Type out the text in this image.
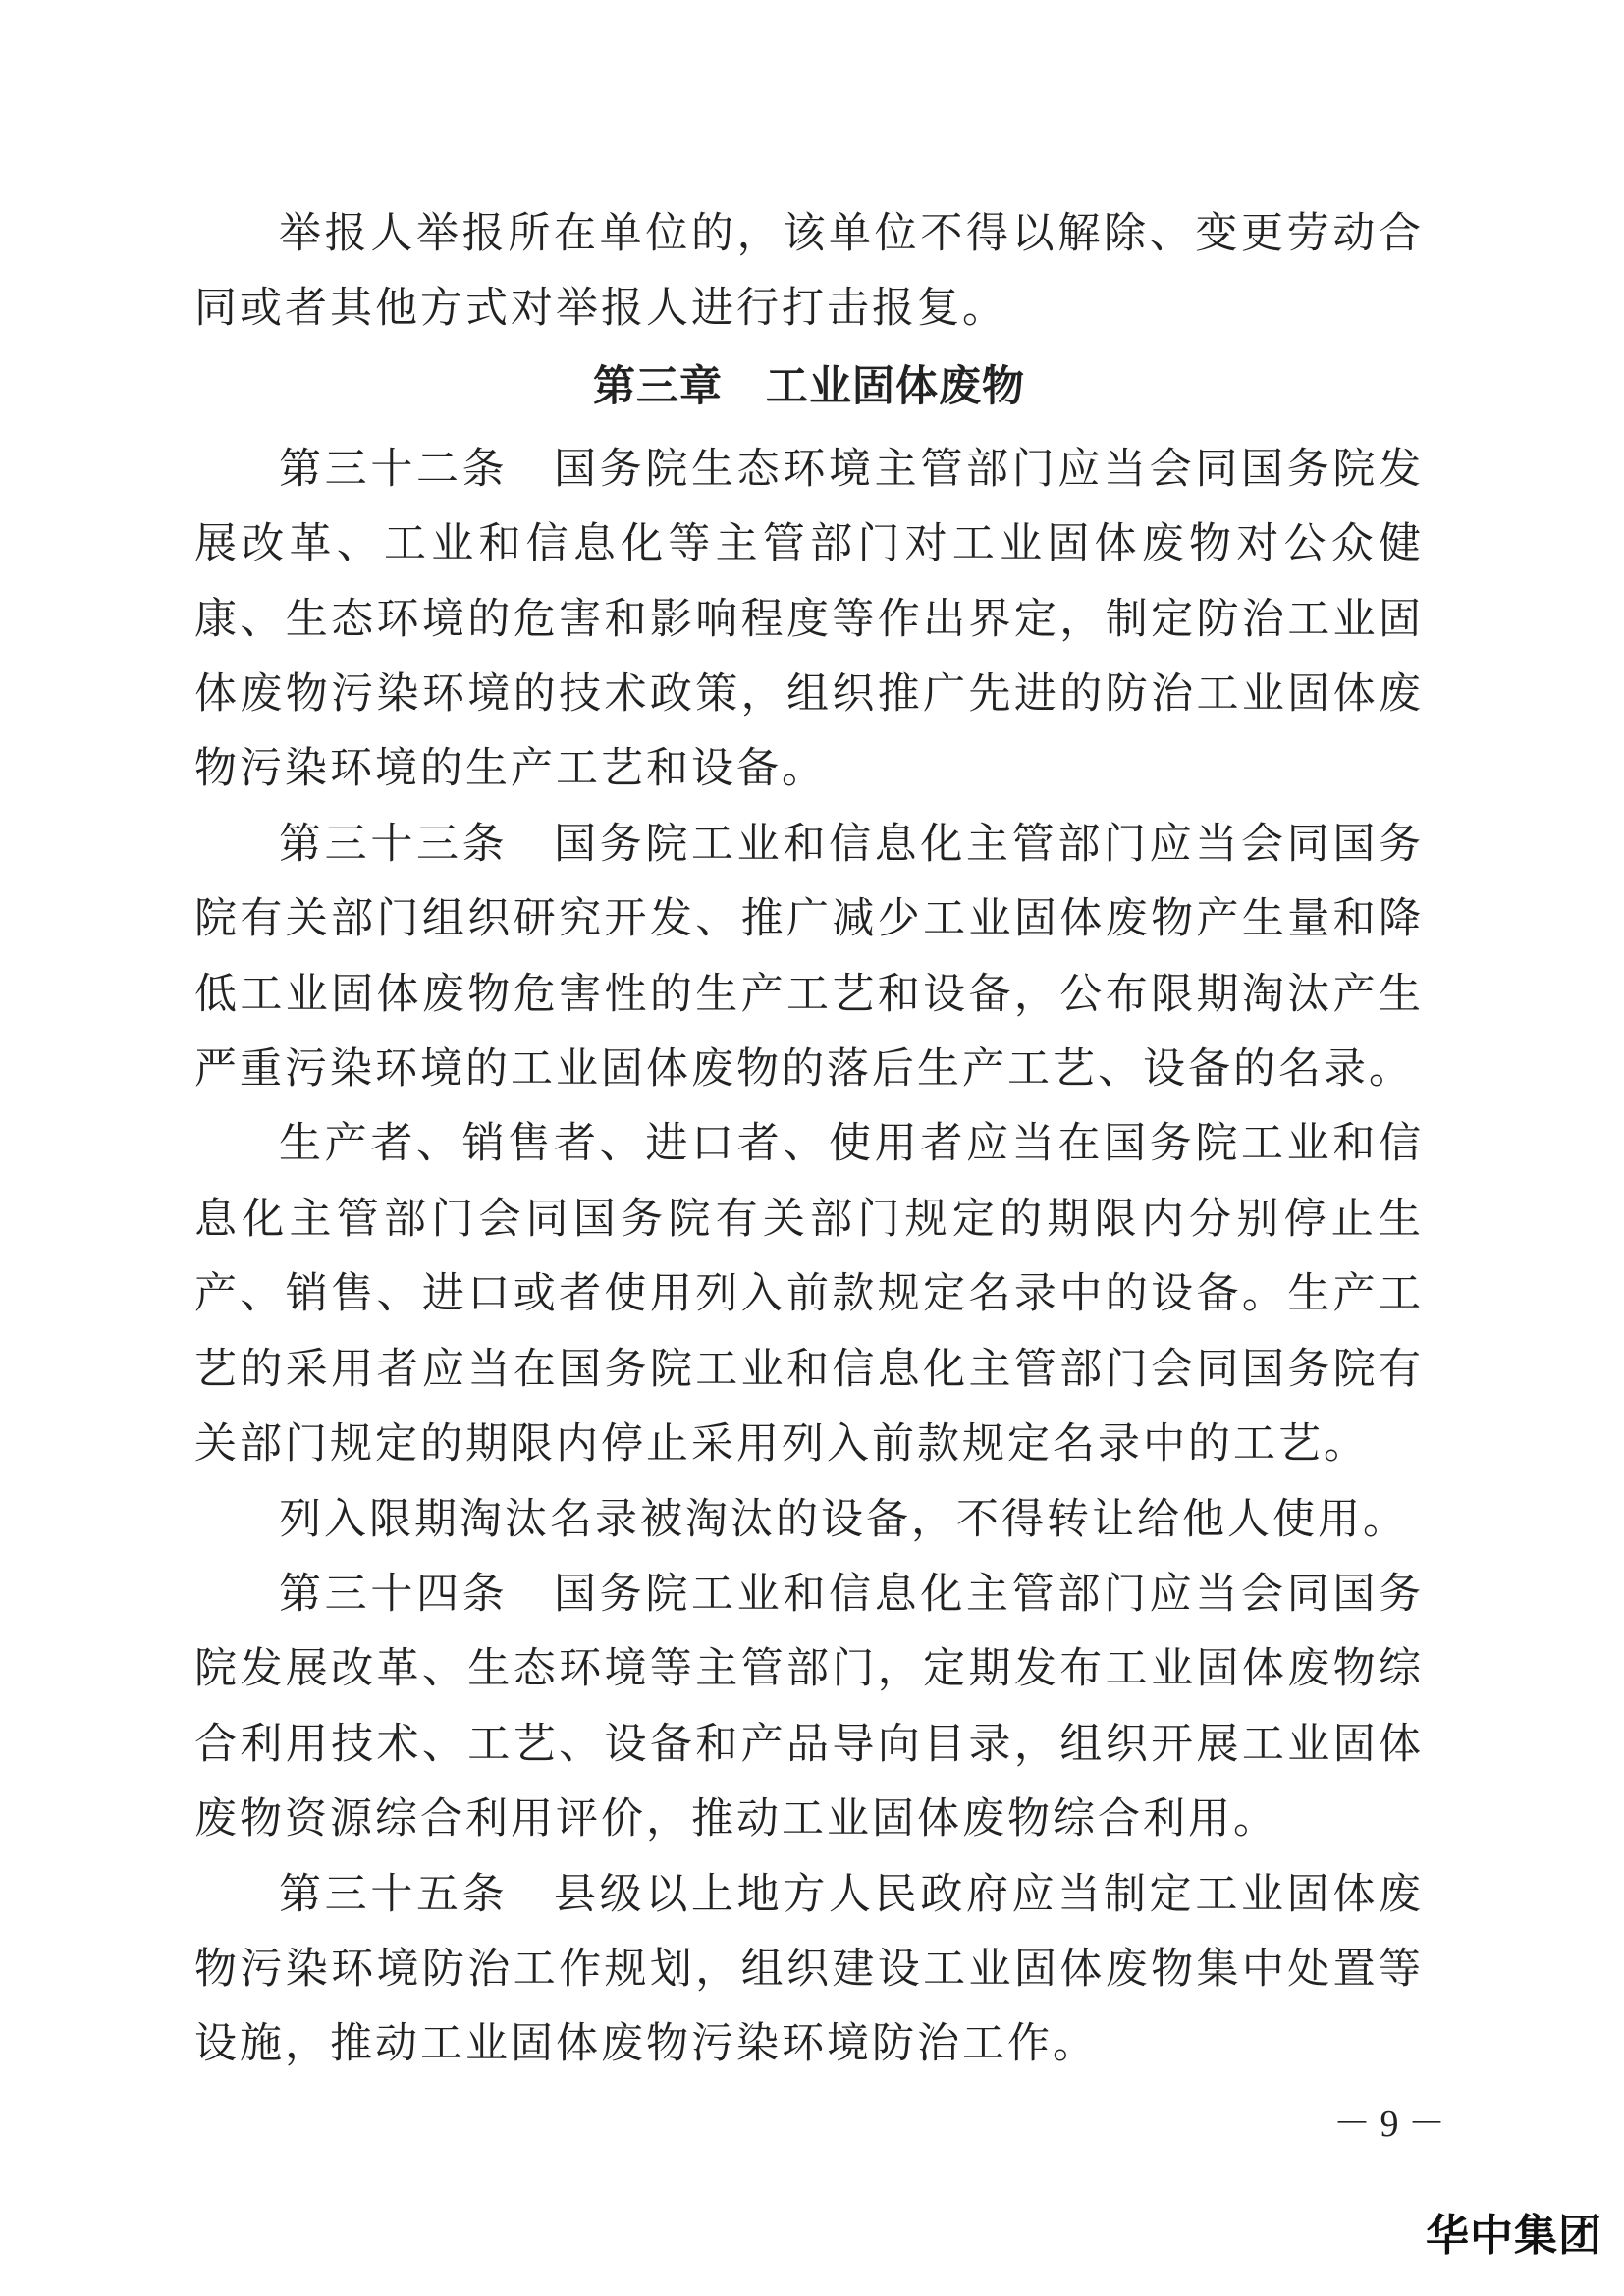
举报人举报所在单位的，该单位不得以解除、变更劳动合同或者其他方式对举报人进行打击报复。

第三章　工业固体废物

第三十二条　国务院生态环境主管部门应当会同国务院发展改革、工业和信息化等主管部门对工业固体废物对公众健康、生态环境的危害和影响程度等作出界定，制定防治工业固体废物污染环境的技术政策，组织推广先进的防治工业固体废物污染环境的生产工艺和设备。

第三十三条　国务院工业和信息化主管部门应当会同国务院有关部门组织研究开发、推广减少工业固体废物产生量和降低工业固体废物危害性的生产工艺和设备，公布限期淘汰产生严重污染环境的工业固体废物的落后生产工艺、设备的名录。

生产者、销售者、进口者、使用者应当在国务院工业和信息化主管部门会同国务院有关部门规定的期限内分别停止生产、销售、进口或者使用列入前款规定名录中的设备。生产工艺的采用者应当在国务院工业和信息化主管部门会同国务院有关部门规定的期限内停止采用列入前款规定名录中的工艺。

列入限期淘汰名录被淘汰的设备，不得转让给他人使用。

第三十四条　国务院工业和信息化主管部门应当会同国务院发展改革、生态环境等主管部门，定期发布工业固体废物综合利用技术、工艺、设备和产品导向目录，组织开展工业固体废物资源综合利用评价，推动工业固体废物综合利用。

第三十五条　县级以上地方人民政府应当制定工业固体废物污染环境防治工作规划，组织建设工业固体废物集中处置等设施，推动工业固体废物污染环境防治工作。

－ 9 －
华中集团
